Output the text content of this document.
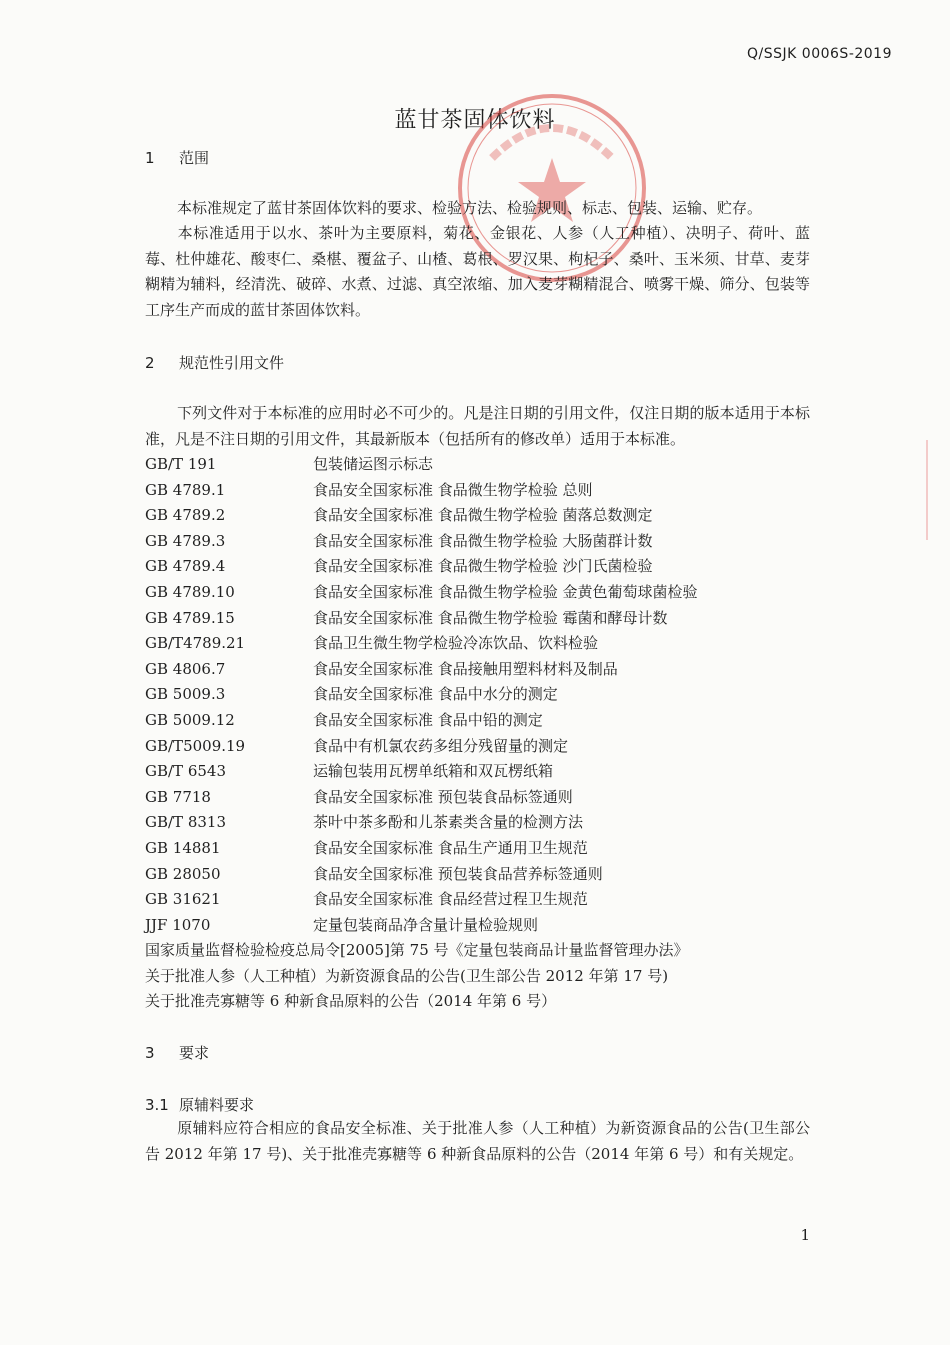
Q/SSJK 0006S-2019
蓝甘茶固体饮料
1 范围
本标准规定了蓝甘茶固体饮料的要求、检验方法、检验规则、标志、包装、运输、贮存。
本标准适用于以水、茶叶为主要原料，菊花、金银花、人参（人工种植）、决明子、荷叶、蓝莓、杜仲雄花、酸枣仁、桑椹、覆盆子、山楂、葛根、罗汉果、枸杞子、桑叶、玉米须、甘草、麦芽糊精为辅料，经清洗、破碎、水煮、过滤、真空浓缩、加入麦芽糊精混合、喷雾干燥、筛分、包装等工序生产而成的蓝甘茶固体饮料。
2 规范性引用文件
下列文件对于本标准的应用时必不可少的。凡是注日期的引用文件，仅注日期的版本适用于本标准，凡是不注日期的引用文件，其最新版本（包括所有的修改单）适用于本标准。
GB/T 191	包装储运图示标志
GB 4789.1	食品安全国家标准 食品微生物学检验 总则
GB 4789.2	食品安全国家标准 食品微生物学检验 菌落总数测定
GB 4789.3	食品安全国家标准 食品微生物学检验 大肠菌群计数
GB 4789.4	食品安全国家标准 食品微生物学检验 沙门氏菌检验
GB 4789.10	食品安全国家标准 食品微生物学检验 金黄色葡萄球菌检验
GB 4789.15	食品安全国家标准 食品微生物学检验 霉菌和酵母计数
GB/T4789.21	食品卫生微生物学检验冷冻饮品、饮料检验
GB 4806.7	食品安全国家标准 食品接触用塑料材料及制品
GB 5009.3	食品安全国家标准 食品中水分的测定
GB 5009.12	食品安全国家标准 食品中铅的测定
GB/T5009.19	食品中有机氯农药多组分残留量的测定
GB/T 6543	运输包装用瓦楞单纸箱和双瓦楞纸箱
GB 7718	食品安全国家标准 预包装食品标签通则
GB/T 8313	茶叶中茶多酚和儿茶素类含量的检测方法
GB 14881	食品安全国家标准 食品生产通用卫生规范
GB 28050	食品安全国家标准 预包装食品营养标签通则
GB 31621	食品安全国家标准 食品经营过程卫生规范
JJF 1070	定量包装商品净含量计量检验规则
国家质量监督检验检疫总局令[2005]第 75 号《定量包装商品计量监督管理办法》
关于批准人参（人工种植）为新资源食品的公告(卫生部公告 2012 年第 17 号)
关于批准壳寡糖等 6 种新食品原料的公告（2014 年第 6 号）
3 要求
3.1 原辅料要求
原辅料应符合相应的食品安全标准、关于批准人参（人工种植）为新资源食品的公告(卫生部公告 2012 年第 17 号)、关于批准壳寡糖等 6 种新食品原料的公告（2014 年第 6 号）和有关规定。
1
